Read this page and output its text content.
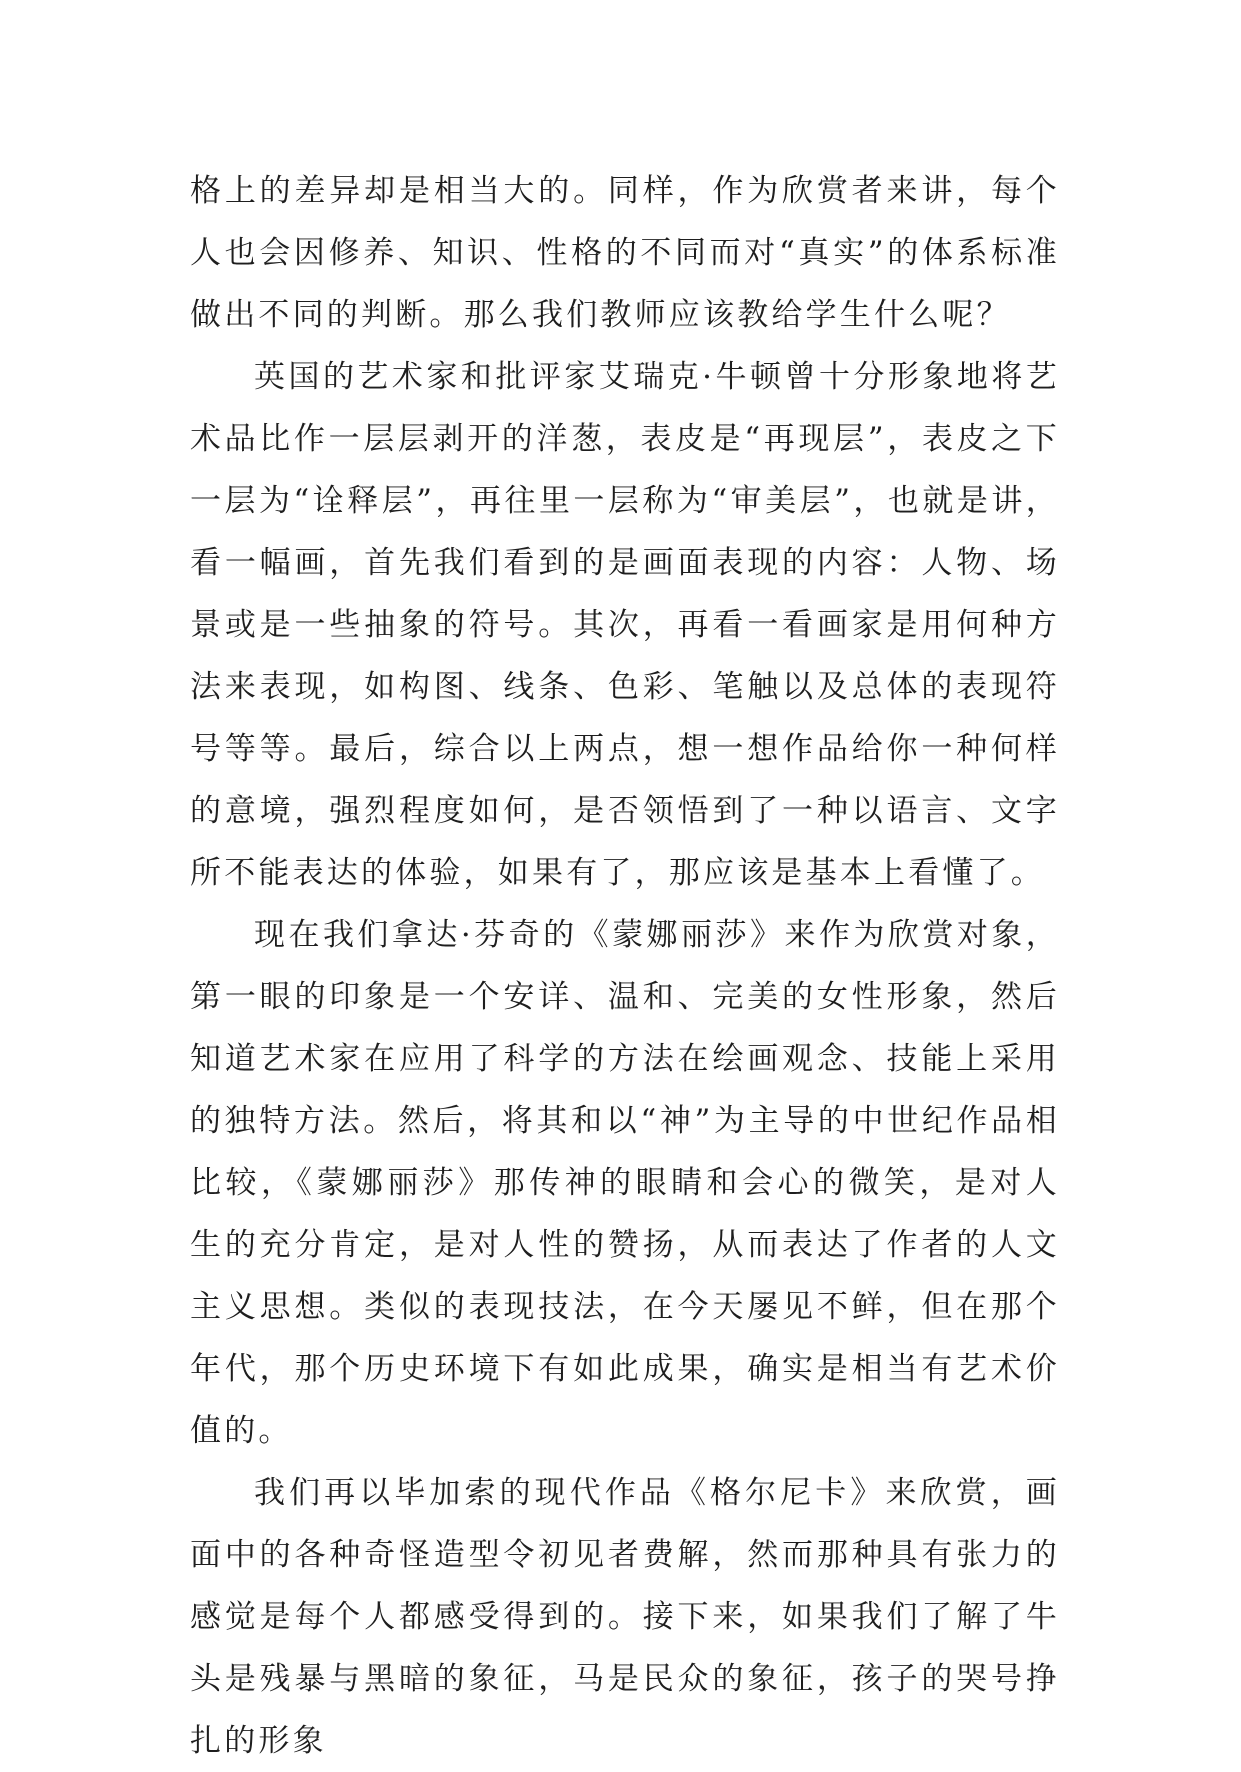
格上的差异却是相当大的。同样，作为欣赏者来讲，每个人也会因修养、知识、性格的不同而对“真实”的体系标准做出不同的判断。那么我们教师应该教给学生什么呢？

英国的艺术家和批评家艾瑞克·牛顿曾十分形象地将艺术品比作一层层剥开的洋葱，表皮是“再现层”，表皮之下一层为“诠释层”，再往里一层称为“审美层”，也就是讲，看一幅画，首先我们看到的是画面表现的内容：人物、场景或是一些抽象的符号。其次，再看一看画家是用何种方法来表现，如构图、线条、色彩、笔触以及总体的表现符号等等。最后，综合以上两点，想一想作品给你一种何样的意境，强烈程度如何，是否领悟到了一种以语言、文字所不能表达的体验，如果有了，那应该是基本上看懂了。

现在我们拿达·芬奇的《蒙娜丽莎》来作为欣赏对象，第一眼的印象是一个安详、温和、完美的女性形象，然后知道艺术家在应用了科学的方法在绘画观念、技能上采用的独特方法。然后，将其和以“神”为主导的中世纪作品相比较，《蒙娜丽莎》那传神的眼睛和会心的微笑，是对人生的充分肯定，是对人性的赞扬，从而表达了作者的人文主义思想。类似的表现技法，在今天屡见不鲜，但在那个年代，那个历史环境下有如此成果，确实是相当有艺术价值的。

我们再以毕加索的现代作品《格尔尼卡》来欣赏，画面中的各种奇怪造型令初见者费解，然而那种具有张力的感觉是每个人都感受得到的。接下来，如果我们了解了牛头是残暴与黑暗的象征，马是民众的象征，孩子的哭号挣扎的形象
